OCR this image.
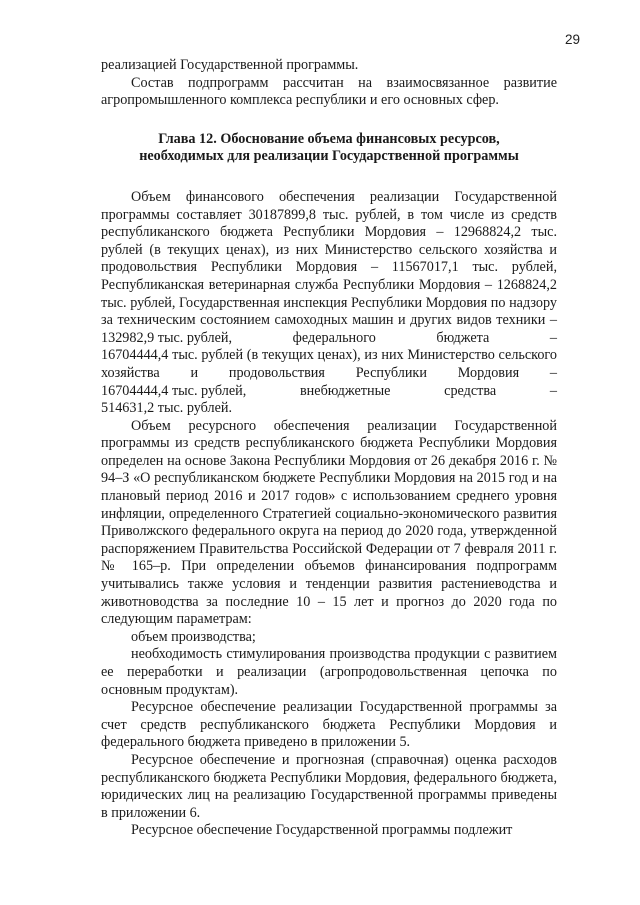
29

реализацией Государственной программы.

Состав подпрограмм рассчитан на взаимосвязанное развитие агропромышленного комплекса республики и его основных сфер.

Глава 12. Обоснование объема финансовых ресурсов,
необходимых для реализации Государственной программы

Объем финансового обеспечения реализации Государственной программы составляет 30187899,8 тыс. рублей, в том числе из средств республиканского бюджета Республики Мордовия – 12968824,2 тыс. рублей (в текущих ценах), из них Министерство сельского хозяйства и продовольствия Республики Мордовия – 11567017,1 тыс. рублей, Республиканская ветеринарная служба Республики Мордовия – 1268824,2 тыс. рублей, Государственная инспекция Республики Мордовия по надзору за техническим состоянием самоходных машин и других видов техники –

132982,9 тыс. рублей,	федерального	бюджета	–

16704444,4 тыс. рублей (в текущих ценах), из них Министерство сельского хозяйства и продовольствия Республики Мордовия –

16704444,4 тыс. рублей,	внебюджетные	средства	–

514631,2 тыс. рублей.

Объем ресурсного обеспечения реализации Государственной программы из средств республиканского бюджета Республики Мордовия определен на основе Закона Республики Мордовия от 26 декабря 2016 г. № 94–З «О республиканском бюджете Республики Мордовия на 2015 год и на плановый период 2016 и 2017 годов» с использованием среднего уровня инфляции, определенного Стратегией социально-экономического развития Приволжского федерального округа на период до 2020 года, утвержденной распоряжением Правительства Российской Федерации от 7 февраля 2011 г. № 165–р. При определении объемов финансирования подпрограмм учитывались также условия и тенденции развития растениеводства и животноводства за последние 10 – 15 лет и прогноз до 2020 года по следующим параметрам:

объем производства;

необходимость стимулирования производства продукции с развитием ее переработки и реализации (агропродовольственная цепочка по основным продуктам).

Ресурсное обеспечение реализации Государственной программы за счет средств республиканского бюджета Республики Мордовия и федерального бюджета приведено в приложении 5.

Ресурсное обеспечение и прогнозная (справочная) оценка расходов республиканского бюджета Республики Мордовия, федерального бюджета, юридических лиц на реализацию Государственной программы приведены в приложении 6.

Ресурсное обеспечение Государственной программы подлежит
